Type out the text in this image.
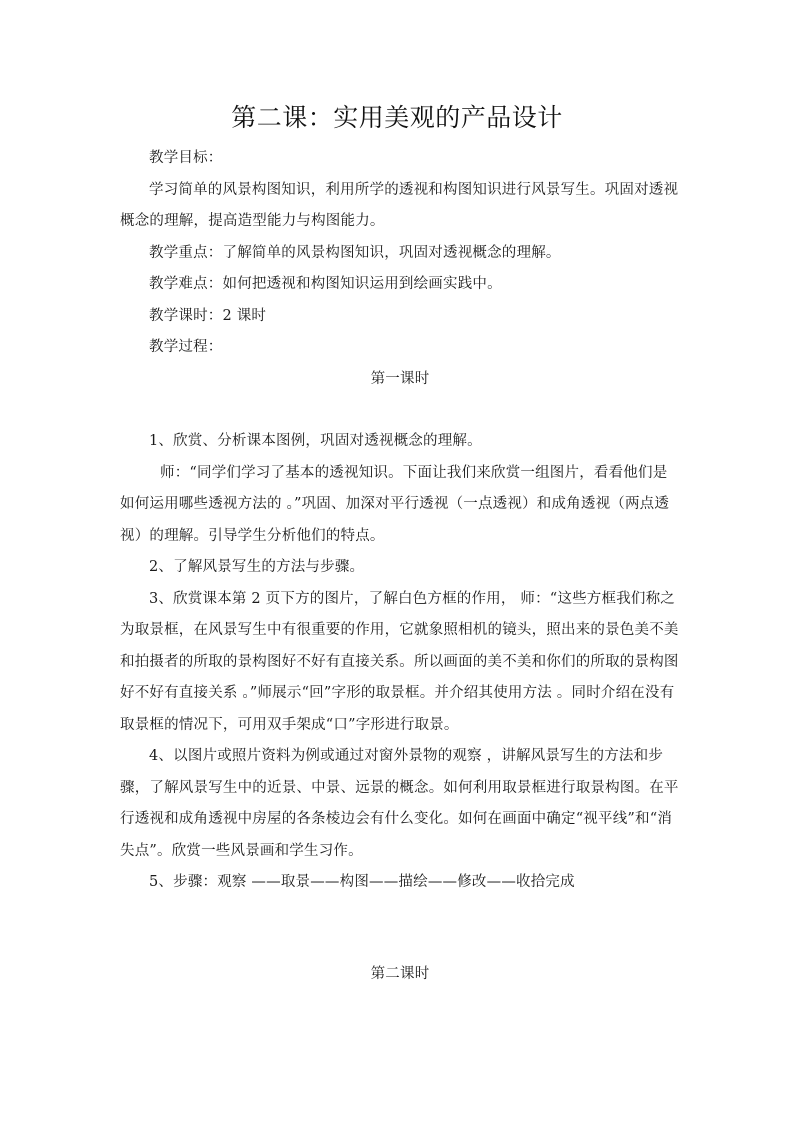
第二课：实用美观的产品设计

教学目标：

学习简单的风景构图知识，利用所学的透视和构图知识进行风景写生。巩固对透视概念的理解，提高造型能力与构图能力。

教学重点：了解简单的风景构图知识，巩固对透视概念的理解。

教学难点：如何把透视和构图知识运用到绘画实践中。

教学课时：2 课时

教学过程：

第一课时

1、欣赏、分析课本图例，巩固对透视概念的理解。

师：“同学们学习了基本的透视知识。下面让我们来欣赏一组图片，看看他们是如何运用哪些透视方法的 。”巩固、加深对平行透视（一点透视）和成角透视（两点透视）的理解。引导学生分析他们的特点。

2、了解风景写生的方法与步骤。

3、欣赏课本第 2 页下方的图片，了解白色方框的作用， 师：“这些方框我们称之为取景框，在风景写生中有很重要的作用，它就象照相机的镜头，照出来的景色美不美和拍摄者的所取的景构图好不好有直接关系。所以画面的美不美和你们的所取的景构图好不好有直接关系 。”师展示“回”字形的取景框。并介绍其使用方法 。同时介绍在没有取景框的情况下，可用双手架成“口”字形进行取景。

4、以图片或照片资料为例或通过对窗外景物的观察 ，讲解风景写生的方法和步骤，了解风景写生中的近景、中景、远景的概念。如何利用取景框进行取景构图。在平行透视和成角透视中房屋的各条棱边会有什么变化。如何在画面中确定“视平线”和“消失点”。欣赏一些风景画和学生习作。

5、步骤：观察 ——取景——构图——描绘——修改——收拾完成

第二课时
